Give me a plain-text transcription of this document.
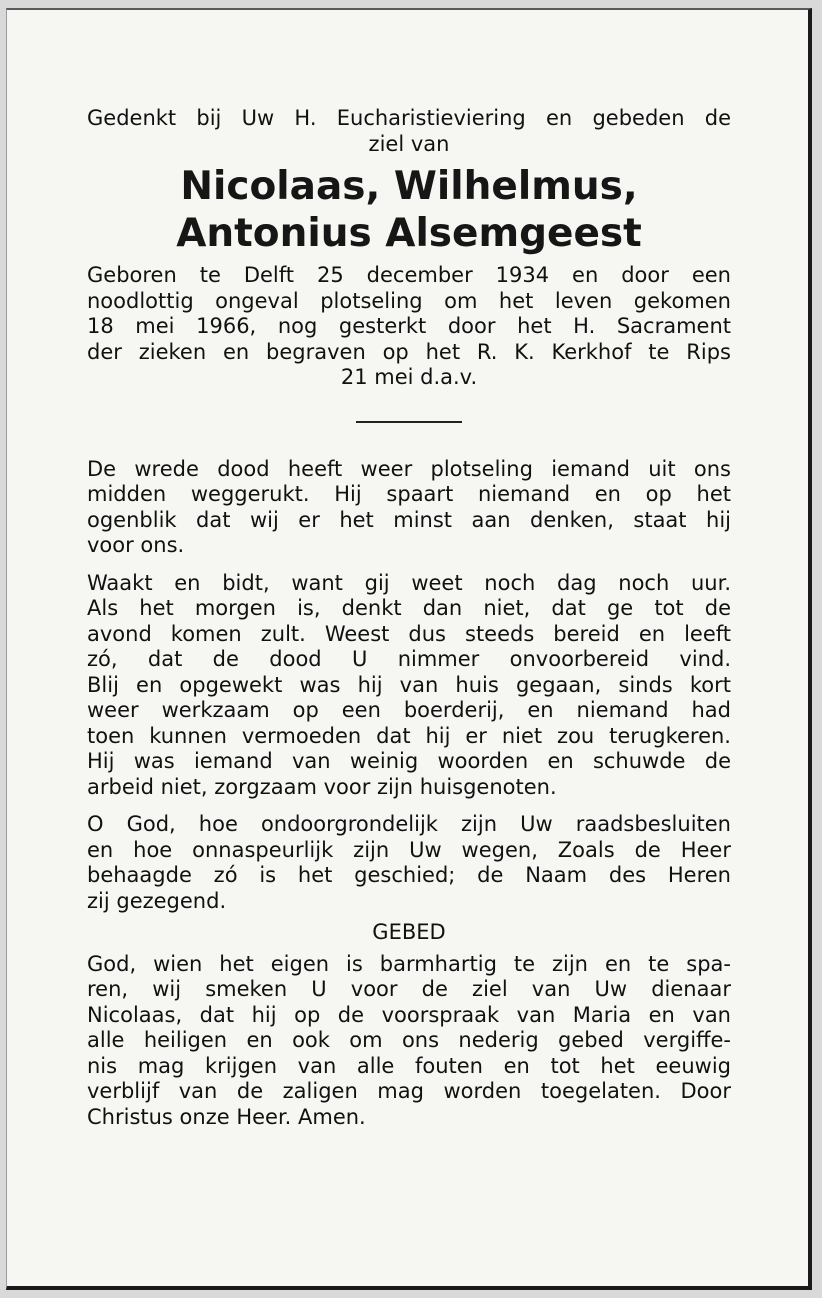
Gedenkt bij Uw H. Eucharistieviering en gebeden de
ziel van
Nicolaas, Wilhelmus,
Antonius Alsemgeest
Geboren te Delft 25 december 1934 en door een
noodlottig ongeval plotseling om het leven gekomen
18 mei 1966, nog gesterkt door het H. Sacrament
der zieken en begraven op het R. K. Kerkhof te Rips
21 mei d.a.v.
De wrede dood heeft weer plotseling iemand uit ons
midden weggerukt. Hij spaart niemand en op het
ogenblik dat wij er het minst aan denken, staat hij
voor ons.
Waakt en bidt, want gij weet noch dag noch uur.
Als het morgen is, denkt dan niet, dat ge tot de
avond komen zult. Weest dus steeds bereid en leeft
zó, dat de dood U nimmer onvoorbereid vind.
Blij en opgewekt was hij van huis gegaan, sinds kort
weer werkzaam op een boerderij, en niemand had
toen kunnen vermoeden dat hij er niet zou terugkeren.
Hij was iemand van weinig woorden en schuwde de
arbeid niet, zorgzaam voor zijn huisgenoten.
O God, hoe ondoorgrondelijk zijn Uw raadsbesluiten
en hoe onnaspeurlijk zijn Uw wegen, Zoals de Heer
behaagde zó is het geschied; de Naam des Heren
zij gezegend.
GEBED
God, wien het eigen is barmhartig te zijn en te spa-
ren, wij smeken U voor de ziel van Uw dienaar
Nicolaas, dat hij op de voorspraak van Maria en van
alle heiligen en ook om ons nederig gebed vergiffe-
nis mag krijgen van alle fouten en tot het eeuwig
verblijf van de zaligen mag worden toegelaten. Door
Christus onze Heer. Amen.
